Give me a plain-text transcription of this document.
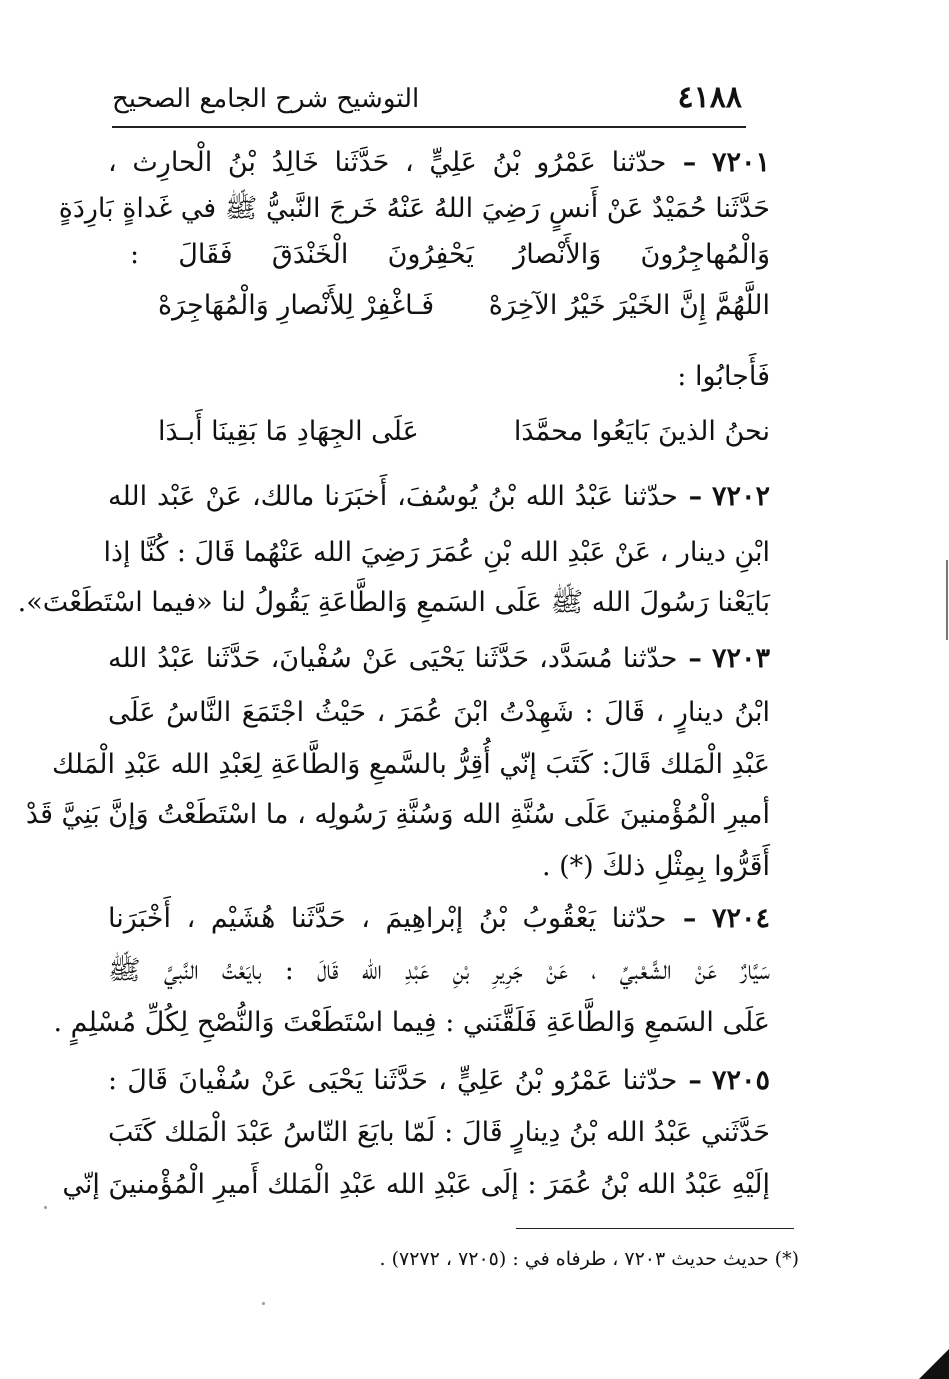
٤١٨٨
التوشيح شرح الجامع الصحيح
٧٢٠١ – حدّثنا عَمْرُو بْنُ عَلِيٍّ ، حَدَّثَنا خَالِدُ بْنُ الْحارِث ،
حَدَّثَنا حُمَيْدٌ عَنْ أَنسٍ رَضِيَ اللهُ عَنْهُ خَرجَ النَّبيُّ ﷺ في غَداةٍ بَارِدَةٍ
وَالْمُهاجِرُونَ وَالأَنْصارُ يَحْفِرُونَ الْخَنْدَقَ فَقَالَ :
اللَّهُمَّ إِنَّ الخَيْرَ خَيْرُ الآخِرَهْ
فَـاغْفِرْ لِلأَنْصارِ وَالْمُهَاجِرَهْ
فَأَجابُوا :
نحنُ الذينَ بَايَعُوا محمَّدَا
عَلَى الجِهَادِ مَا بَقِينَا أَبـدَا
٧٢٠٢ – حدّثنا عَبْدُ الله بْنُ يُوسُفَ، أَخبَرَنا مالك، عَنْ عَبْد الله
ابْنِ دينار ، عَنْ عَبْدِ الله بْنِ عُمَرَ رَضِيَ الله عَنْهُما قَالَ : كُنَّا إذا
بَايَعْنا رَسُولَ الله ﷺ عَلَى السَمعِ وَالطَّاعَةِ يَقُولُ لنا «فيما اسْتَطَعْتَ».
٧٢٠٣ – حدّثنا مُسَدَّد، حَدَّثَنا يَحْيَى عَنْ سُفْيانَ، حَدَّثَنا عَبْدُ الله
ابْنُ دينارٍ ، قَالَ : شَهِدْتُ ابْنَ عُمَرَ ، حَيْثُ اجْتَمَعَ النَّاسُ عَلَى
عَبْدِ الْمَلك قَالَ: كَتَبَ إنّي أُقِرُّ بالسَّمعِ وَالطَّاعَةِ لِعَبْدِ الله عَبْدِ الْمَلك
أميرِ الْمُؤْمنينَ عَلَى سُنَّةِ الله وَسُنَّةِ رَسُولِه ، ما اسْتَطَعْتُ وَإنَّ بَنِيَّ قَدْ
أَقَرُّوا بِمِثْلِ ذلكَ (*) .
٧٢٠٤ – حدّثنا يَعْقُوبُ بْنُ إبْراهِيمَ ، حَدَّثَنا هُشَيْم ، أَخْبَرَنا
سَيَّارٌ عَنْ الشَّعْبيِّ ، عَنْ جَرِيرِ بْنِ عَبْدِ الله قَالَ : بايَعْتُ النَّبيَّ ﷺ
عَلَى السَمعِ وَالطَّاعَةِ فَلَقَّنَني : فِيما اسْتَطَعْتَ وَالنُّصْحِ لِكُلِّ مُسْلِمٍ .
٧٢٠٥ – حدّثنا عَمْرُو بْنُ عَلِيٍّ ، حَدَّثَنا يَحْيَى عَنْ سُفْيانَ قَالَ :
حَدَّثَني عَبْدُ الله بْنُ دِينارٍ قَالَ : لَمّا بايَعَ النّاسُ عَبْدَ الْمَلك كَتَبَ
إلَيْهِ عَبْدُ الله بْنُ عُمَرَ : إلَى عَبْدِ الله عَبْدِ الْمَلك أَميرِ الْمُؤْمنينَ إنّي
(*) حديث حديث ٧٢٠٣ ، طرفاه في : (٧٢٠٥ ، ٧٢٧٢) .
